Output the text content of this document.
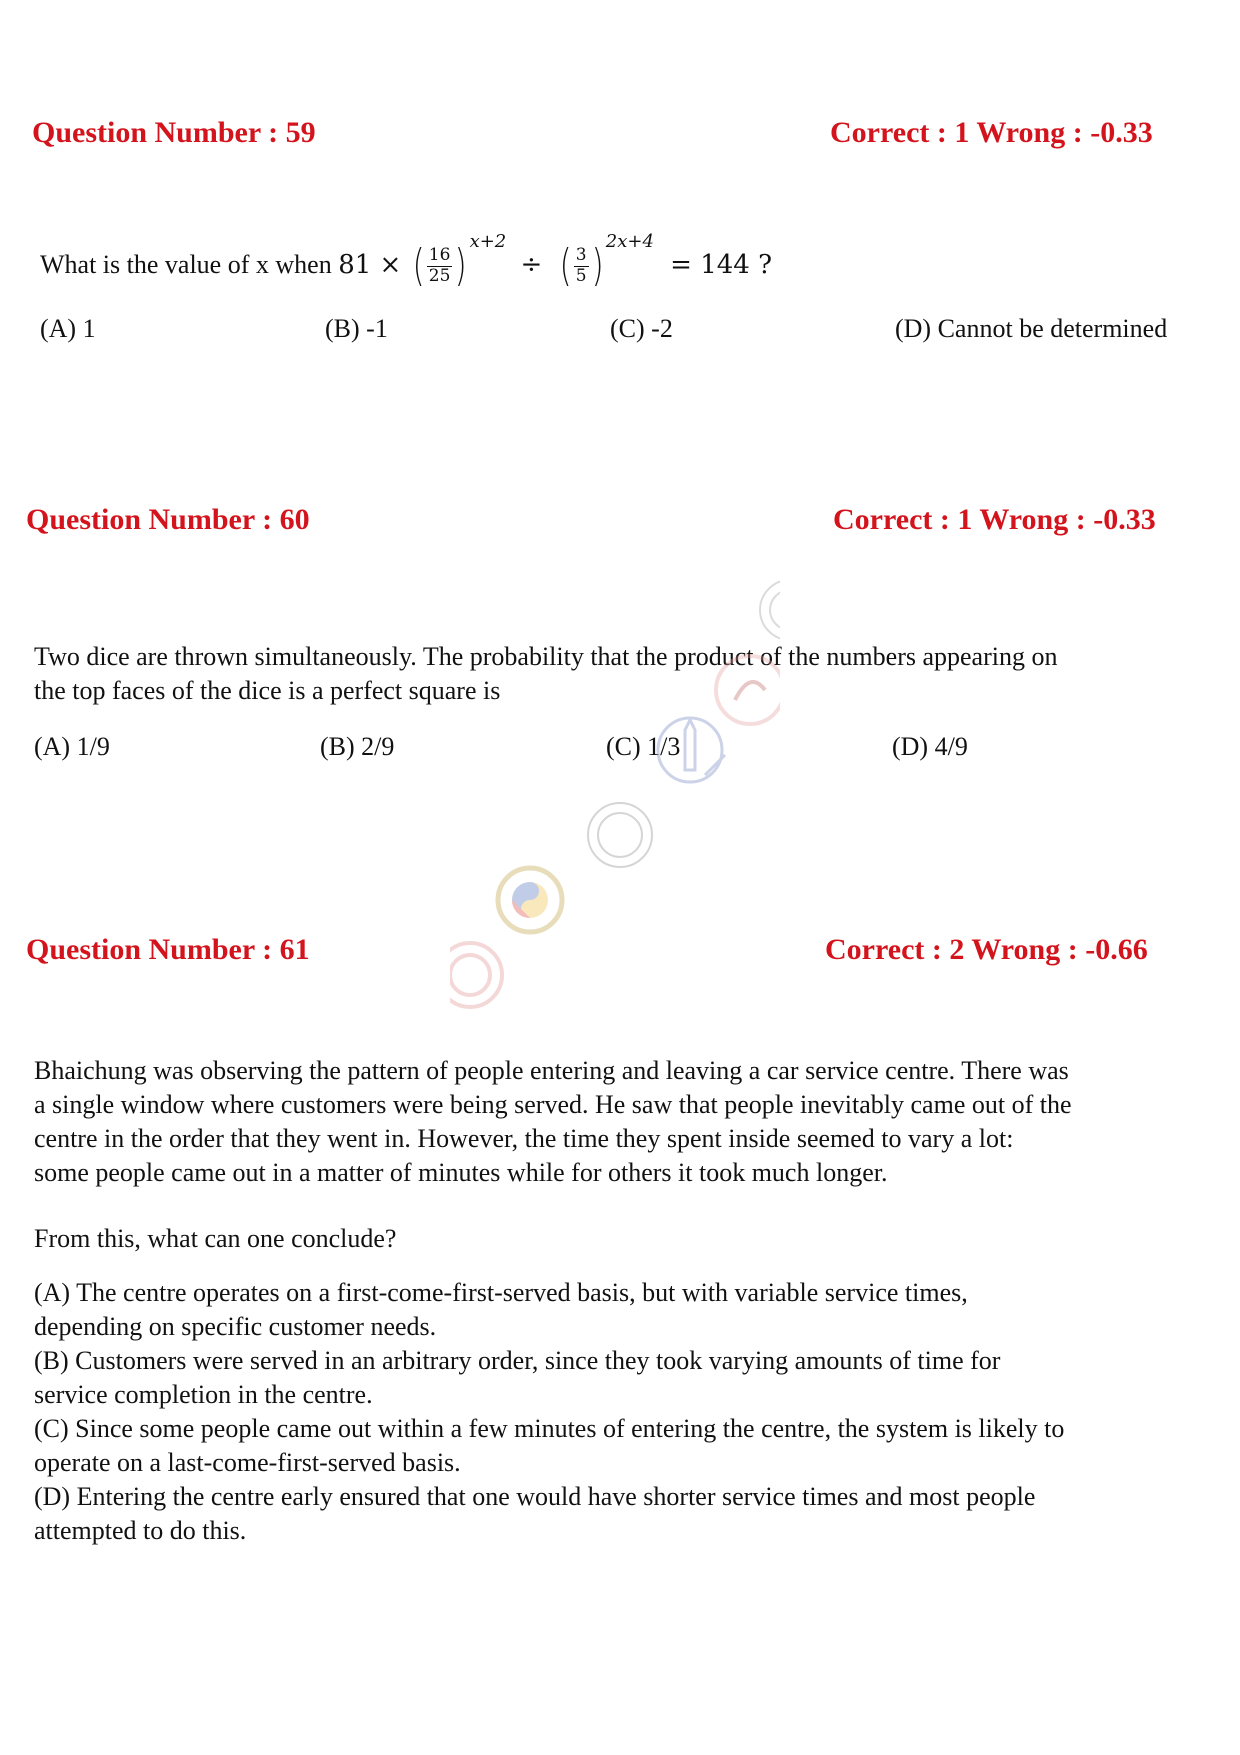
Question Number : 59	Correct : 1 Wrong : -0.33
What is the value of x when 81 × ( $\frac{16}{25}$ ) $^{x+2}$ ÷ ( $\frac{3}{5}$ ) $^{2x+4}$ = 144 ?
(A) 1	(B) -1	(C) -2	(D) Cannot be determined
Question Number : 60	Correct : 1 Wrong : -0.33
Two dice are thrown simultaneously. The probability that the product of the numbers appearing on
the top faces of the dice is a perfect square is
(A) 1/9	(B) 2/9	(C) 1/3	(D) 4/9
Question Number : 61	Correct : 2 Wrong : -0.66
Bhaichung was observing the pattern of people entering and leaving a car service centre. There was
a single window where customers were being served. He saw that people inevitably came out of the
centre in the order that they went in. However, the time they spent inside seemed to vary a lot:
some people came out in a matter of minutes while for others it took much longer.
From this, what can one conclude?
(A) The centre operates on a first-come-first-served basis, but with variable service times,
depending on specific customer needs.
(B) Customers were served in an arbitrary order, since they took varying amounts of time for
service completion in the centre.
(C) Since some people came out within a few minutes of entering the centre, the system is likely to
operate on a last-come-first-served basis.
(D) Entering the centre early ensured that one would have shorter service times and most people
attempted to do this.
